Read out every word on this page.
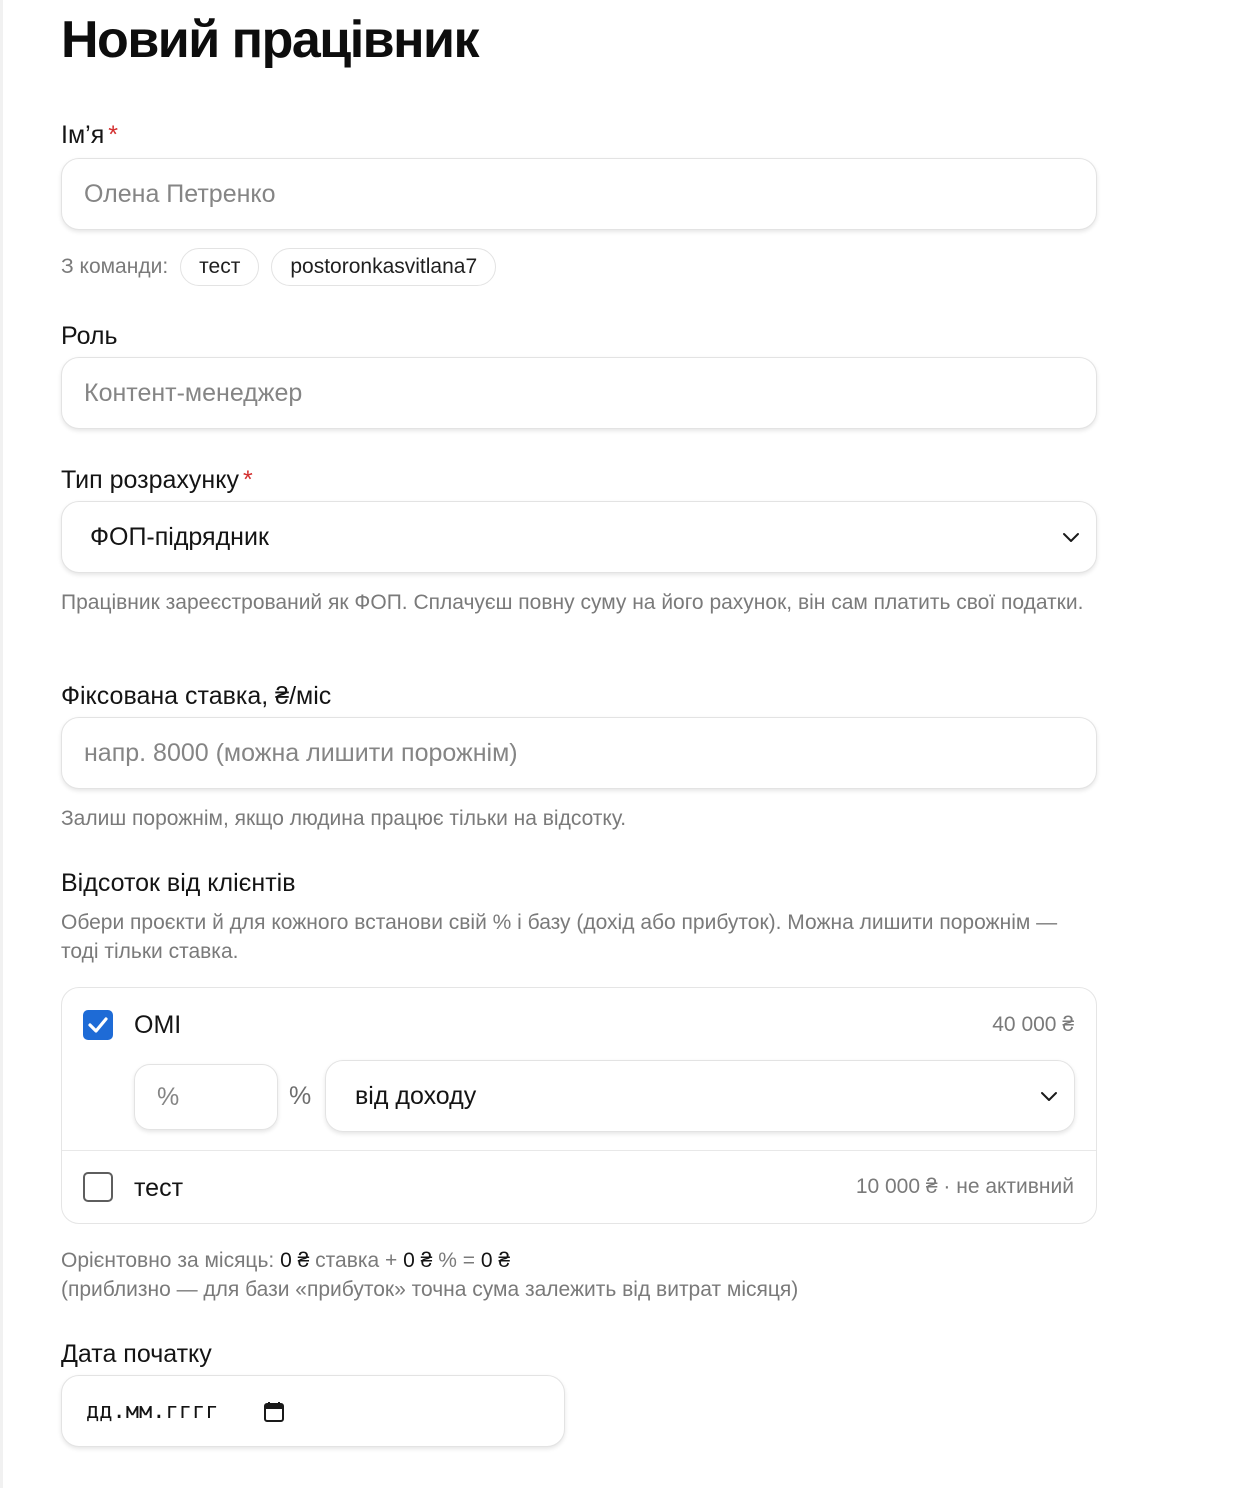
Новий працівник
Ім’я *
Олена Петренко
З команди:	тест	postoronkasvitlana7
Роль
Контент-менеджер
Тип розрахунку *
ФОП-підрядник
Працівник зареєстрований як ФОП. Сплачуєш повну суму на його рахунок, він сам платить свої податки.
Фіксована ставка, ₴/міс
напр. 8000 (можна лишити порожнім)
Залиш порожнім, якщо людина працює тільки на відсотку.
Відсоток від клієнтів
Обери проєкти й для кожного встанови свій % і базу (дохід або прибуток). Можна лишити порожнім — тоді тільки ставка.
OMI	40 000 ₴
%	% від доходу
тест	10 000 ₴ · не активний
Орієнтовно за місяць: 0 ₴ ставка + 0 ₴ % = 0 ₴
(приблизно — для бази «прибуток» точна сума залежить від витрат місяця)
Дата початку
дд.мм.гггг
